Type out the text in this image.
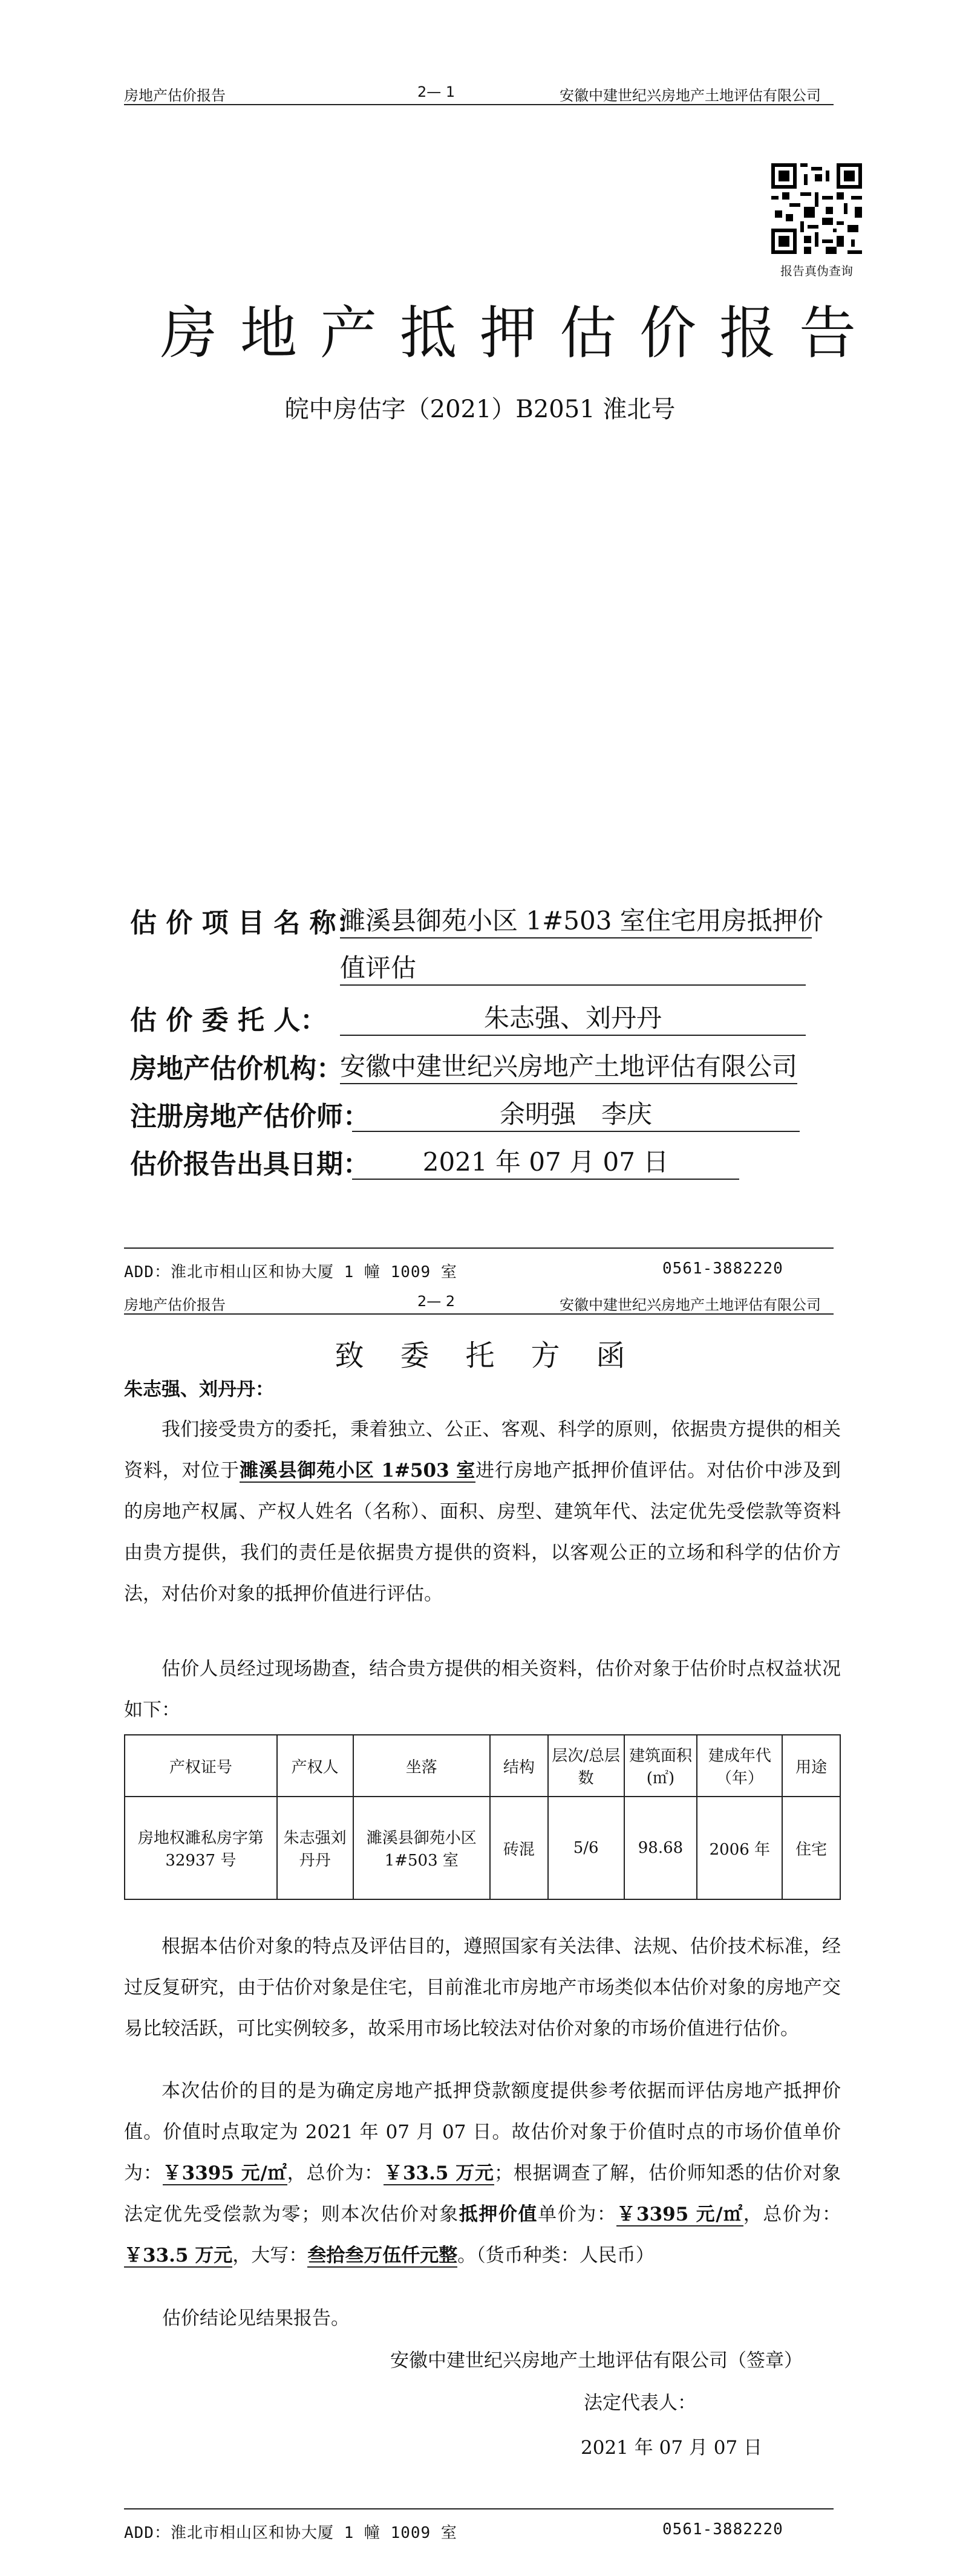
房地产估价报告	2— 1	安徽中建世纪兴房地产土地评估有限公司
报告真伪查询
房地产抵押估价报告
皖中房估字（2021）B2051 淮北号
估 价 项 目 名 称：
濉溪县御苑小区 1#503 室住宅用房抵押价
值评估
估 价 委 托 人：	朱志强、刘丹丹
房地产估价机构：
安徽中建世纪兴房地产土地评估有限公司
注册房地产估价师：	余明强　李庆
估价报告出具日期：	2021 年 07 月 07 日
ADD：淮北市相山区和协大厦 1 幢 1009 室	0561-3882220
房地产估价报告	2— 2	安徽中建世纪兴房地产土地评估有限公司
致委托方函
朱志强、刘丹丹：

我们接受贵方的委托，秉着独立、公正、客观、科学的原则，依据贵方提供的相关资料，对位于濉溪县御苑小区 1#503 室进行房地产抵押价值评估。对估价中涉及到的房地产权属、产权人姓名（名称）、面积、房型、建筑年代、法定优先受偿款等资料由贵方提供，我们的责任是依据贵方提供的资料，以客观公正的立场和科学的估价方法，对估价对象的抵押价值进行评估。

估价人员经过现场勘查，结合贵方提供的相关资料，估价对象于估价时点权益状况如下：

产权证号	产权人	坐落	结构	层次/总层数	建筑面积(㎡)	建成年代（年）	用途
房地权濉私房字第 32937 号	朱志强刘丹丹	濉溪县御苑小区1#503 室	砖混	5/6	98.68	2006 年	住宅

根据本估价对象的特点及评估目的，遵照国家有关法律、法规、估价技术标准，经过反复研究，由于估价对象是住宅，目前淮北市房地产市场类似本估价对象的房地产交易比较活跃，可比实例较多，故采用市场比较法对估价对象的市场价值进行估价。

本次估价的目的是为确定房地产抵押贷款额度提供参考依据而评估房地产抵押价值。价值时点取定为 2021 年 07 月 07 日。故估价对象于价值时点的市场价值单价为：￥3395 元/㎡，总价为：￥33.5 万元；根据调查了解，估价师知悉的估价对象法定优先受偿款为零；则本次估价对象抵押价值单价为：￥3395 元/㎡，总价为：￥33.5 万元，大写：叁拾叁万伍仟元整。（货币种类：人民币）

估价结论见结果报告。
安徽中建世纪兴房地产土地评估有限公司（签章）
法定代表人：
2021 年 07 月 07 日
ADD：淮北市相山区和协大厦 1 幢 1009 室	0561-3882220
